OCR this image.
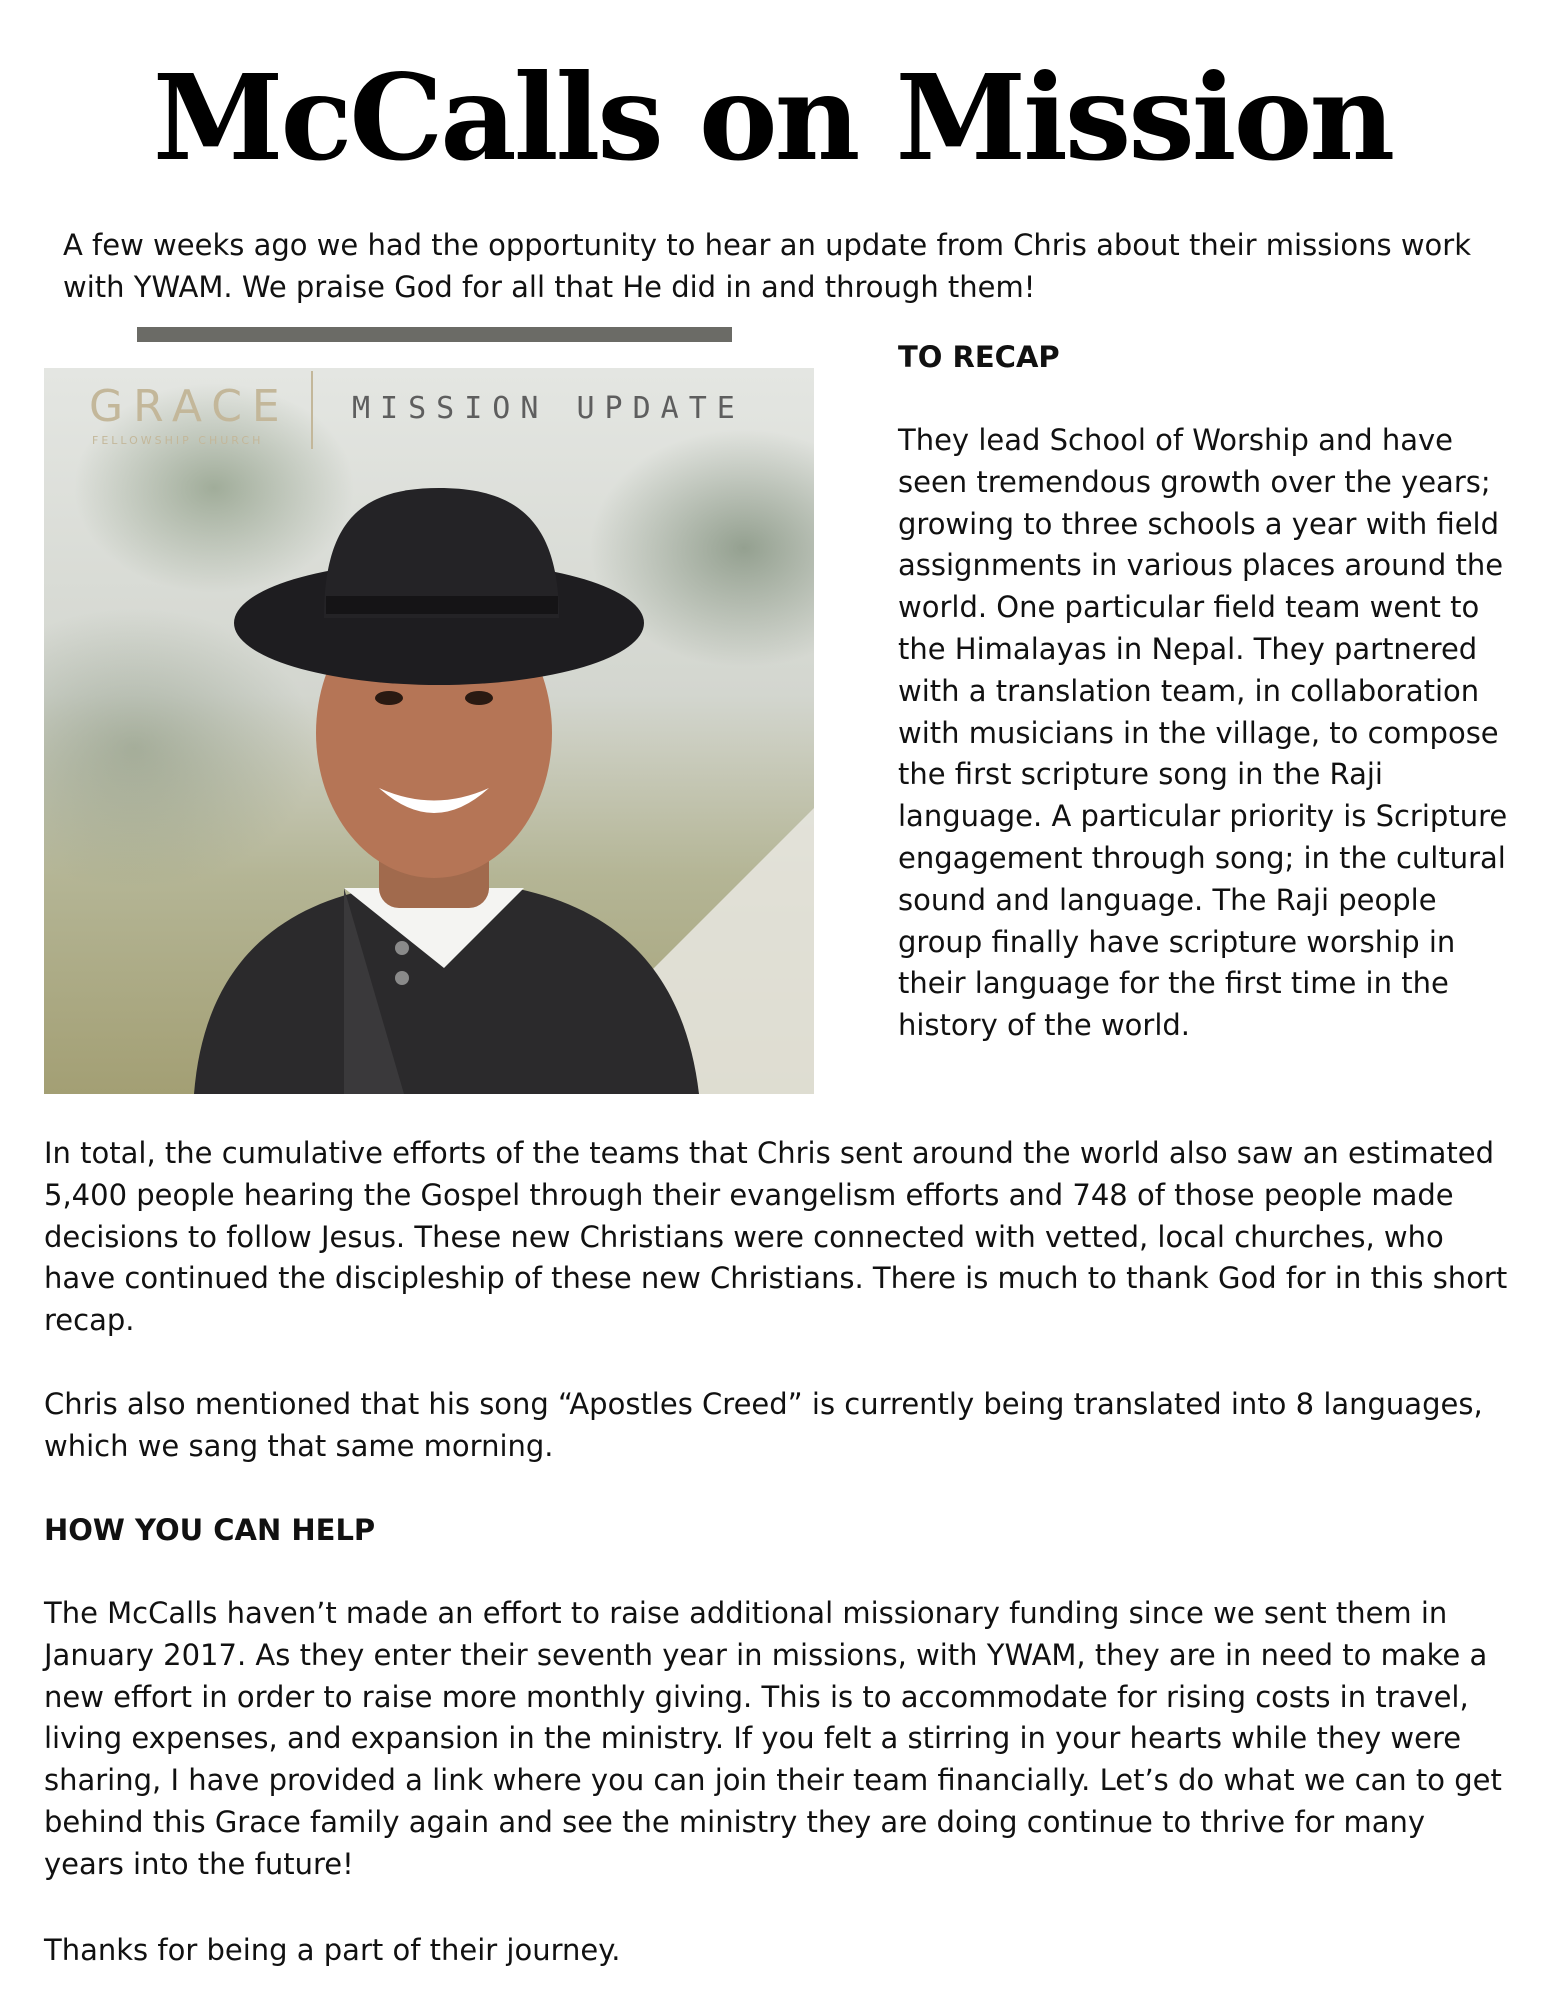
McCalls on Mission

A few weeks ago we had the opportunity to hear an update from Chris about their missions work with YWAM. We praise God for all that He did in and through them!

GRACE
FELLOWSHIP CHURCH
MISSION UPDATE

TO RECAP

They lead School of Worship and have seen tremendous growth over the years; growing to three schools a year with field assignments in various places around the world. One particular field team went to the Himalayas in Nepal. They partnered with a translation team, in collaboration with musicians in the village, to compose the first scripture song in the Raji language. A particular priority is Scripture engagement through song; in the cultural sound and language. The Raji people group finally have scripture worship in their language for the first time in the history of the world.

In total, the cumulative efforts of the teams that Chris sent around the world also saw an estimated 5,400 people hearing the Gospel through their evangelism efforts and 748 of those people made decisions to follow Jesus. These new Christians were connected with vetted, local churches, who have continued the discipleship of these new Christians. There is much to thank God for in this short recap.

Chris also mentioned that his song “Apostles Creed” is currently being translated into 8 languages, which we sang that same morning.

HOW YOU CAN HELP

The McCalls haven’t made an effort to raise additional missionary funding since we sent them in January 2017. As they enter their seventh year in missions, with YWAM, they are in need to make a new effort in order to raise more monthly giving. This is to accommodate for rising costs in travel, living expenses, and expansion in the ministry. If you felt a stirring in your hearts while they were sharing, I have provided a link where you can join their team financially. Let’s do what we can to get behind this Grace family again and see the ministry they are doing continue to thrive for many years into the future!

Thanks for being a part of their journey.
